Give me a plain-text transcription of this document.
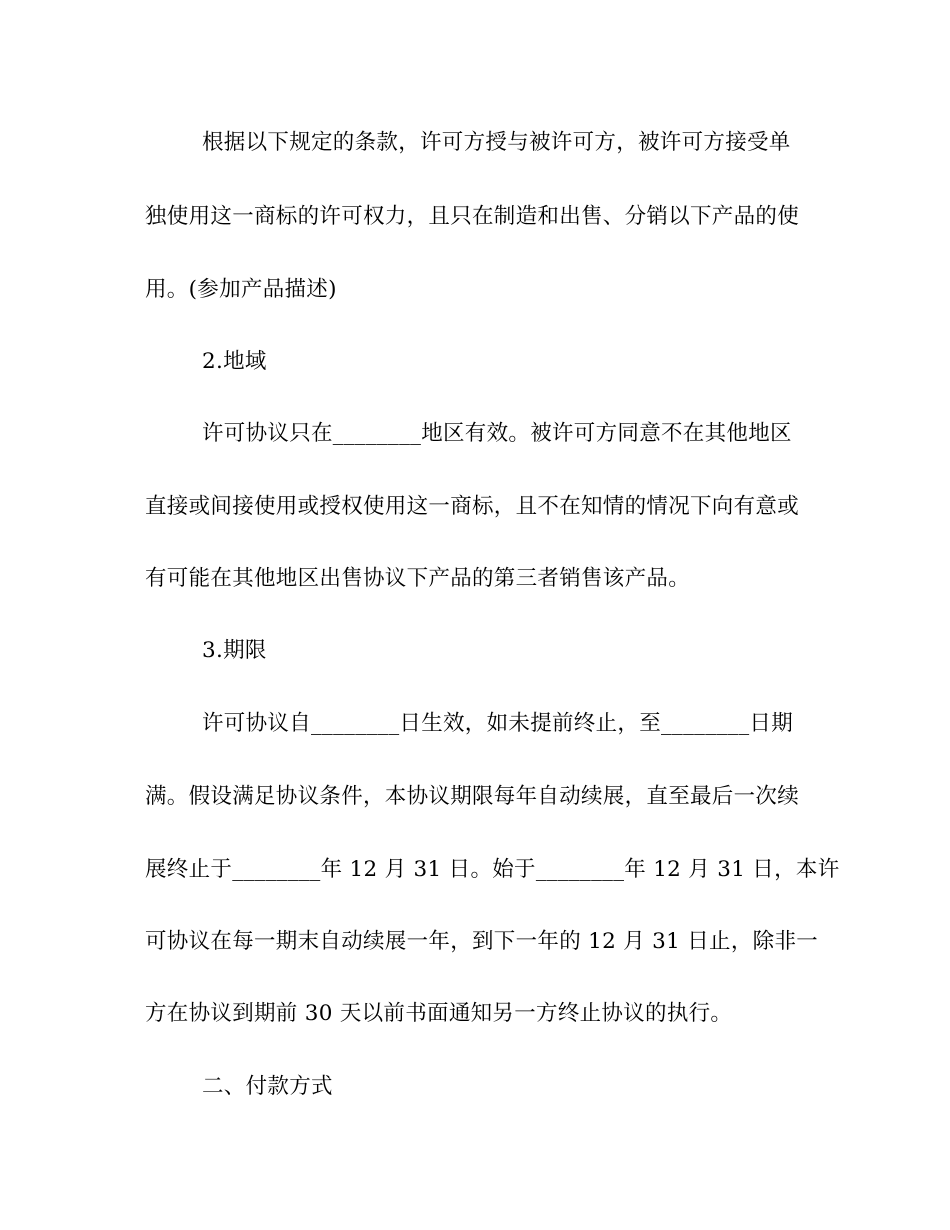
根据以下规定的条款，许可方授与被许可方，被许可方接受单
独使用这一商标的许可权力，且只在制造和出售、分销以下产品的使
用。(参加产品描述)
2.地域
许可协议只在________地区有效。被许可方同意不在其他地区
直接或间接使用或授权使用这一商标，且不在知情的情况下向有意或
有可能在其他地区出售协议下产品的第三者销售该产品。
3.期限
许可协议自________日生效，如未提前终止，至________日期
满。假设满足协议条件，本协议期限每年自动续展，直至最后一次续
展终止于________年 12 月 31 日。始于________年 12 月 31 日，本许
可协议在每一期末自动续展一年，到下一年的 12 月 31 日止，除非一
方在协议到期前 30 天以前书面通知另一方终止协议的执行。
二、付款方式
